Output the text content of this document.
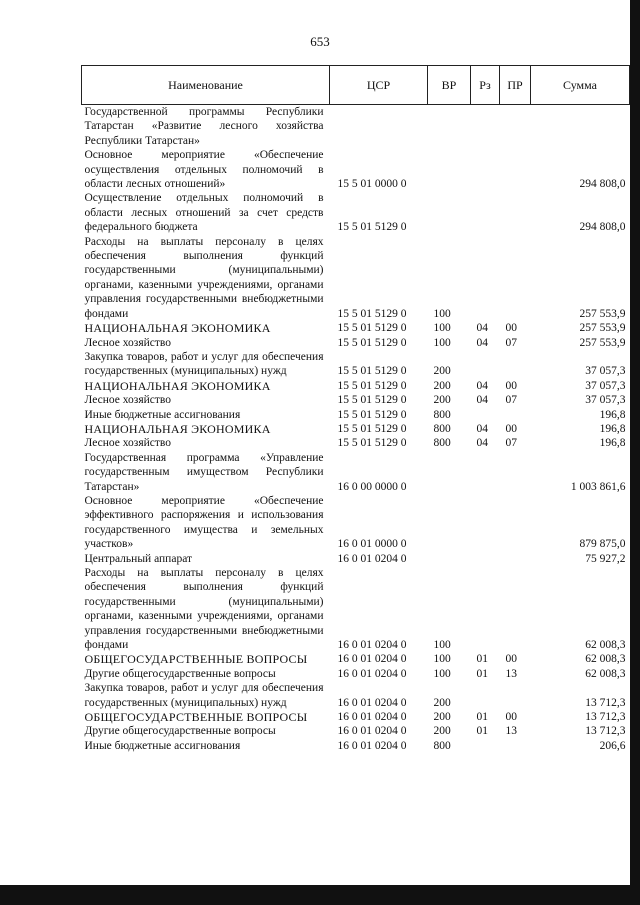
653
Наименование	ЦСР	ВР	Рз	ПР	Сумма
Государственной программы Республики Татарстан «Развитие лесного хозяйства Республики Татарстан»					
Основное мероприятие «Обеспечение осуществления отдельных полномочий в области лесных отношений»	15 5 01 0000 0				294 808,0
Осуществление отдельных полномочий в области лесных отношений за счет средств федерального бюджета	15 5 01 5129 0				294 808,0
Расходы на выплаты персоналу в целях обеспечения выполнения функций государственными (муниципальными) органами, казенными учреждениями, органами управления государственными внебюджетными фондами	15 5 01 5129 0	100			257 553,9
НАЦИОНАЛЬНАЯ ЭКОНОМИКА	15 5 01 5129 0	100	04	00	257 553,9
Лесное хозяйство	15 5 01 5129 0	100	04	07	257 553,9
Закупка товаров, работ и услуг для обеспечения государственных (муниципальных) нужд	15 5 01 5129 0	200			37 057,3
НАЦИОНАЛЬНАЯ ЭКОНОМИКА	15 5 01 5129 0	200	04	00	37 057,3
Лесное хозяйство	15 5 01 5129 0	200	04	07	37 057,3
Иные бюджетные ассигнования	15 5 01 5129 0	800			196,8
НАЦИОНАЛЬНАЯ ЭКОНОМИКА	15 5 01 5129 0	800	04	00	196,8
Лесное хозяйство	15 5 01 5129 0	800	04	07	196,8
Государственная программа «Управление государственным имуществом Республики Татарстан»	16 0 00 0000 0				1 003 861,6
Основное мероприятие «Обеспечение эффективного распоряжения и использования государственного имущества и земельных участков»	16 0 01 0000 0				879 875,0
Центральный аппарат	16 0 01 0204 0				75 927,2
Расходы на выплаты персоналу в целях обеспечения выполнения функций государственными (муниципальными) органами, казенными учреждениями, органами управления государственными внебюджетными фондами	16 0 01 0204 0	100			62 008,3
ОБЩЕГОСУДАРСТВЕННЫЕ ВОПРОСЫ	16 0 01 0204 0	100	01	00	62 008,3
Другие общегосударственные вопросы	16 0 01 0204 0	100	01	13	62 008,3
Закупка товаров, работ и услуг для обеспечения государственных (муниципальных) нужд	16 0 01 0204 0	200			13 712,3
ОБЩЕГОСУДАРСТВЕННЫЕ ВОПРОСЫ	16 0 01 0204 0	200	01	00	13 712,3
Другие общегосударственные вопросы	16 0 01 0204 0	200	01	13	13 712,3
Иные бюджетные ассигнования	16 0 01 0204 0	800			206,6
